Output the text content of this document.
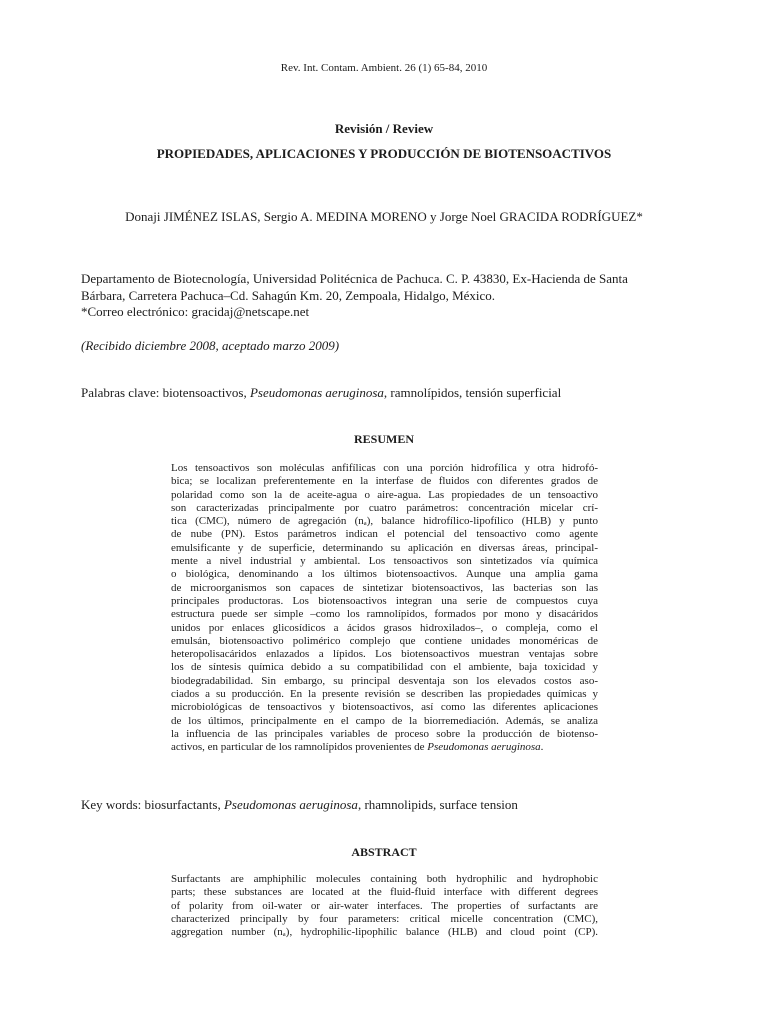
Rev. Int. Contam. Ambient. 26 (1) 65-84, 2010
Revisión / Review
PROPIEDADES, APLICACIONES Y PRODUCCIÓN DE BIOTENSOACTIVOS
Donaji JIMÉNEZ ISLAS, Sergio A. MEDINA MORENO y Jorge Noel GRACIDA RODRÍGUEZ*
Departamento de Biotecnología, Universidad Politécnica de Pachuca. C. P. 43830, Ex-Hacienda de Santa
Bárbara, Carretera Pachuca–Cd. Sahagún Km. 20, Zempoala, Hidalgo, México.
*Correo electrónico: gracidaj@netscape.net
(Recibido diciembre 2008, aceptado marzo 2009)
Palabras clave: biotensoactivos, Pseudomonas aeruginosa, ramnolípidos, tensión superficial
RESUMEN
Los tensoactivos son moléculas anfifílicas con una porción hidrofílica y otra hidrofó-
bica; se localizan preferentemente en la interfase de fluidos con diferentes grados de
polaridad como son la de aceite-agua o aire-agua. Las propiedades de un tensoactivo
son caracterizadas principalmente por cuatro parámetros: concentración micelar crí-
tica (CMC), número de agregación (nₐ), balance hidrofílico-lipofílico (HLB) y punto
de nube (PN). Estos parámetros indican el potencial del tensoactivo como agente
emulsificante y de superficie, determinando su aplicación en diversas áreas, principal-
mente a nivel industrial y ambiental. Los tensoactivos son sintetizados vía química
o biológica, denominando a los últimos biotensoactivos. Aunque una amplia gama
de microorganismos son capaces de sintetizar biotensoactivos, las bacterias son las
principales productoras. Los biotensoactivos integran una serie de compuestos cuya
estructura puede ser simple –como los ramnolípidos, formados por mono y disacáridos
unidos por enlaces glicosídicos a ácidos grasos hidroxilados–, o compleja, como el
emulsán, biotensoactivo polimérico complejo que contiene unidades monoméricas de
heteropolisacáridos enlazados a lípidos. Los biotensoactivos muestran ventajas sobre
los de síntesis química debido a su compatibilidad con el ambiente, baja toxicidad y
biodegradabilidad. Sin embargo, su principal desventaja son los elevados costos aso-
ciados a su producción. En la presente revisión se describen las propiedades químicas y
microbiológicas de tensoactivos y biotensoactivos, así como las diferentes aplicaciones
de los últimos, principalmente en el campo de la biorremediación. Además, se analiza
la influencia de las principales variables de proceso sobre la producción de biotenso-
activos, en particular de los ramnolípidos provenientes de Pseudomonas aeruginosa.
Key words: biosurfactants, Pseudomonas aeruginosa, rhamnolipids, surface tension
ABSTRACT
Surfactants are amphiphilic molecules containing both hydrophilic and hydrophobic
parts; these substances are located at the fluid-fluid interface with different degrees
of polarity from oil-water or air-water interfaces. The properties of surfactants are
characterized principally by four parameters: critical micelle concentration (CMC),
aggregation number (nₐ), hydrophilic-lipophilic balance (HLB) and cloud point (CP).
